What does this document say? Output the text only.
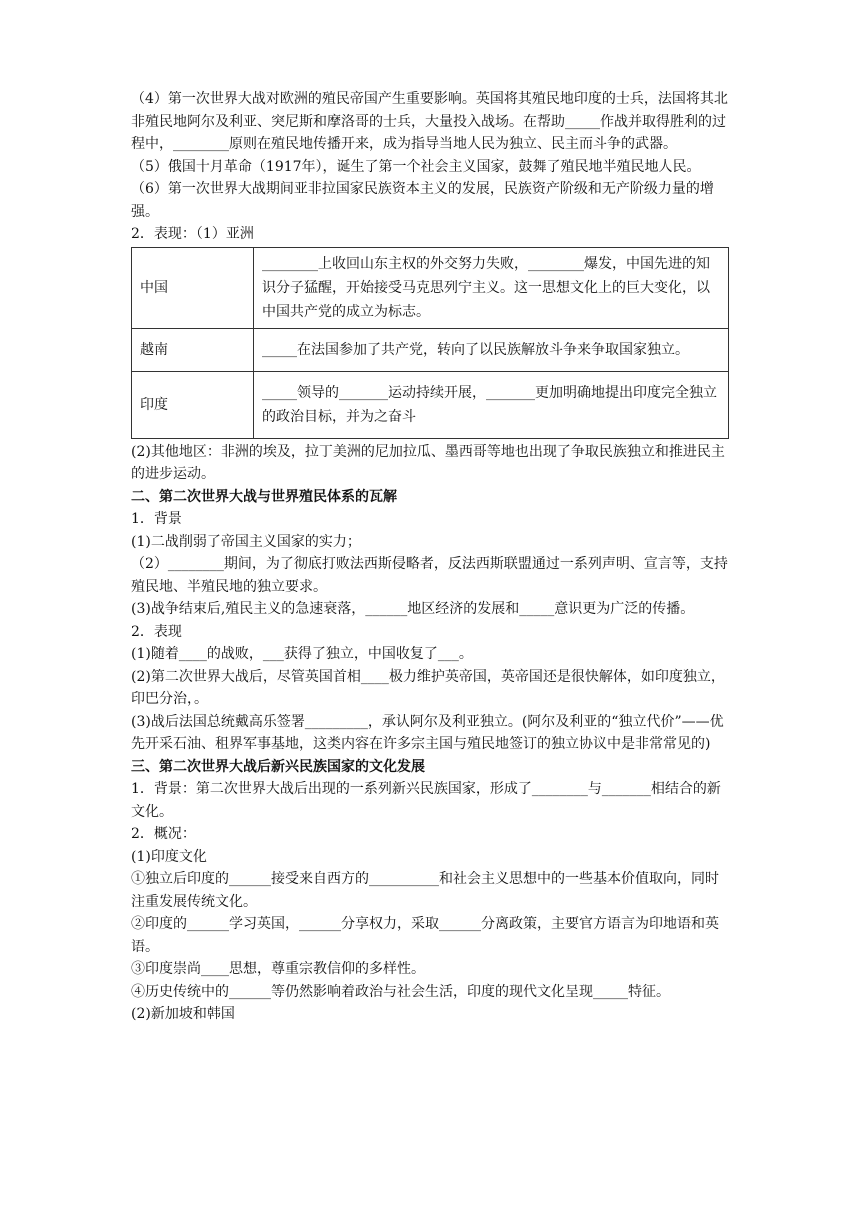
（4）第一次世界大战对欧洲的殖民帝国产生重要影响。英国将其殖民地印度的士兵，法国将其北非殖民地阿尔及利亚、突尼斯和摩洛哥的士兵，大量投入战场。在帮助_____作战并取得胜利的过程中，________原则在殖民地传播开来，成为指导当地人民为独立、民主而斗争的武器。

（5）俄国十月革命（1917年），诞生了第一个社会主义国家，鼓舞了殖民地半殖民地人民。

（6）第一次世界大战期间亚非拉国家民族资本主义的发展，民族资产阶级和无产阶级力量的增强。

2．表现：（1）亚洲

中国	________上收回山东主权的外交努力失败，________爆发，中国先进的知识分子猛醒，开始接受马克思列宁主义。这一思想文化上的巨大变化，以中国共产党的成立为标志。
越南	_____在法国参加了共产党，转向了以民族解放斗争来争取国家独立。
印度	_____领导的_______运动持续开展，_______更加明确地提出印度完全独立的政治目标，并为之奋斗

(2)其他地区：非洲的埃及，拉丁美洲的尼加拉瓜、墨西哥等地也出现了争取民族独立和推进民主的进步运动。

二、第二次世界大战与世界殖民体系的瓦解

1．背景

(1)二战削弱了帝国主义国家的实力；

（2）________期间，为了彻底打败法西斯侵略者，反法西斯联盟通过一系列声明、宣言等，支持殖民地、半殖民地的独立要求。

(3)战争结束后,殖民主义的急速衰落，______地区经济的发展和_____意识更为广泛的传播。

2．表现

(1)随着____的战败，___获得了独立，中国收复了___。

(2)第二次世界大战后，尽管英国首相____极力维护英帝国，英帝国还是很快解体，如印度独立，印巴分治，。

(3)战后法国总统戴高乐签署_________，承认阿尔及利亚独立。(阿尔及利亚的“独立代价”——优先开采石油、租界军事基地，这类内容在许多宗主国与殖民地签订的独立协议中是非常常见的)

三、第二次世界大战后新兴民族国家的文化发展

1．背景：第二次世界大战后出现的一系列新兴民族国家，形成了________与_______相结合的新文化。

2．概况：

(1)印度文化

①独立后印度的______接受来自西方的__________和社会主义思想中的一些基本价值取向，同时注重发展传统文化。

②印度的______学习英国，______分享权力，采取______分离政策，主要官方语言为印地语和英语。

③印度崇尚____思想，尊重宗教信仰的多样性。

④历史传统中的______等仍然影响着政治与社会生活，印度的现代文化呈现_____特征。

(2)新加坡和韩国
